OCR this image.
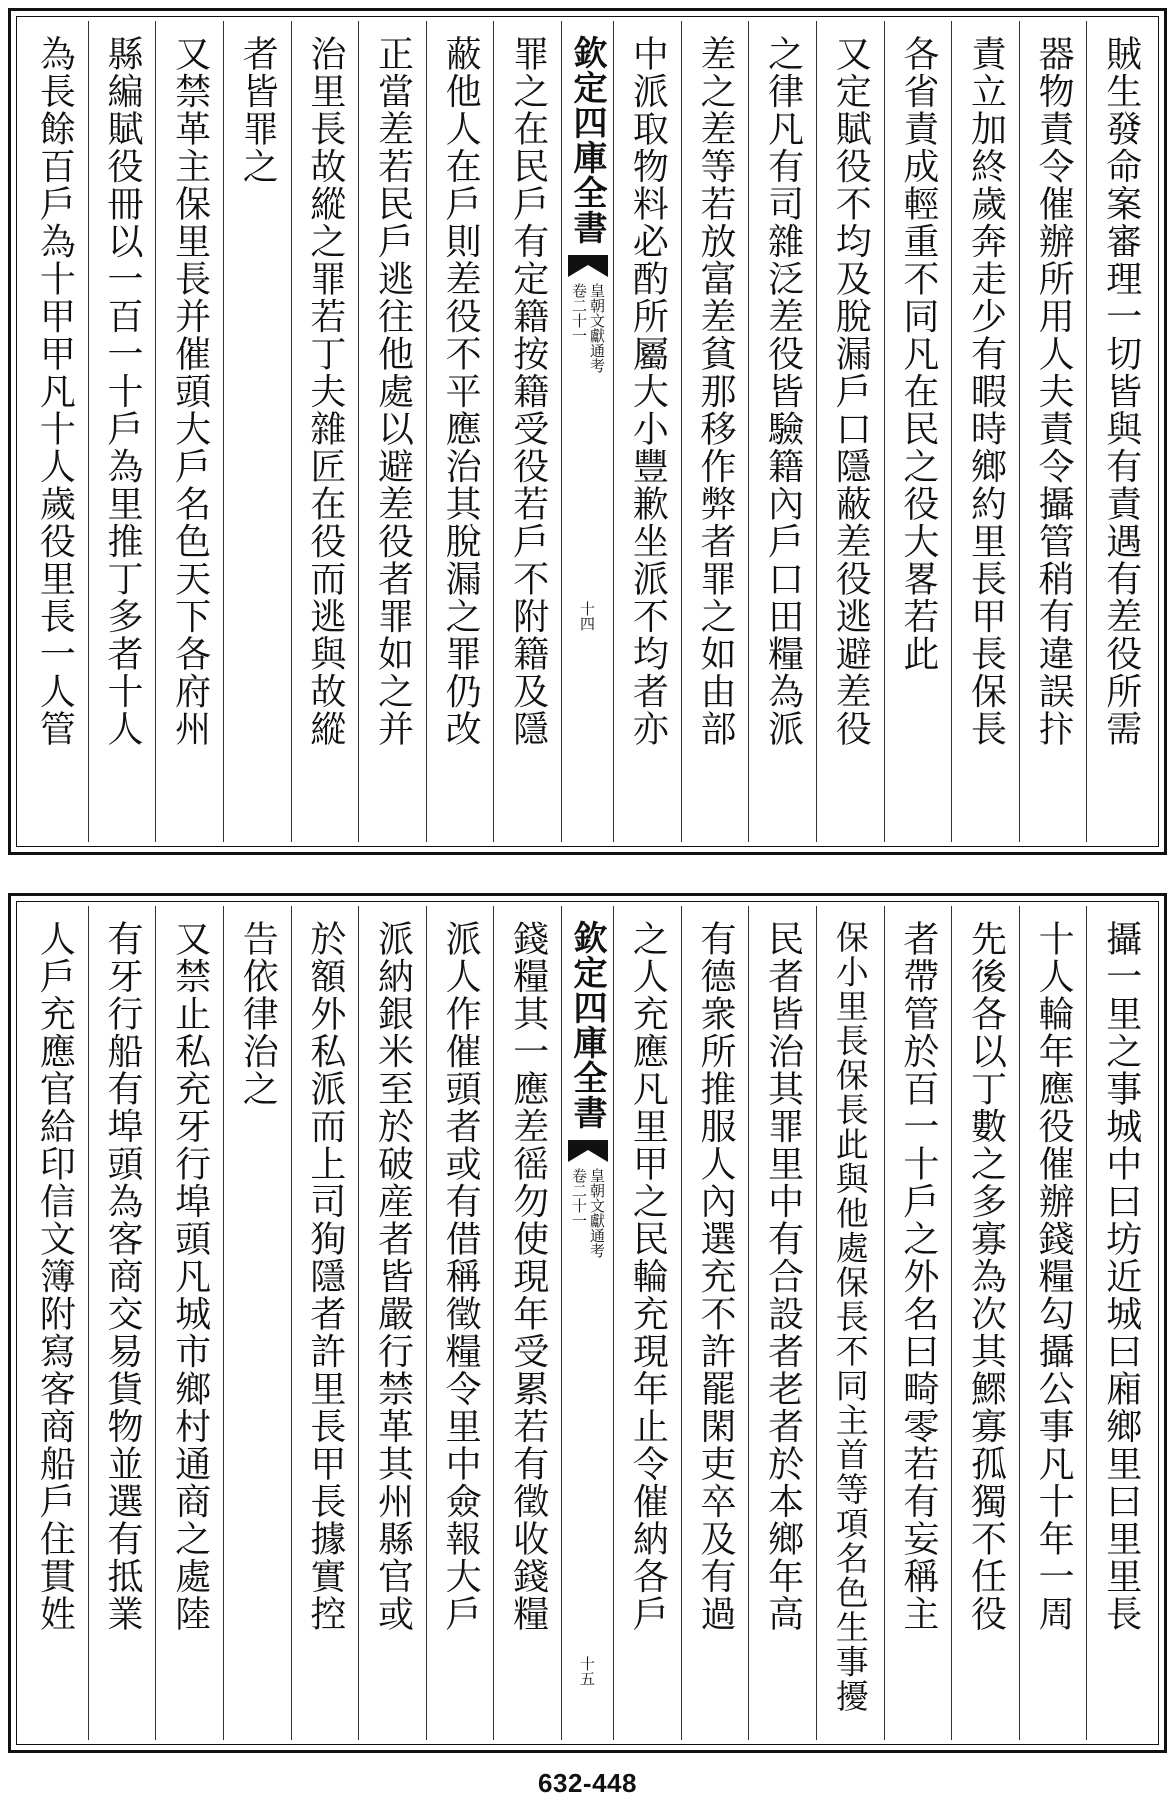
賊生發命案審理一切皆與有責遇有差役所需
器物責令催辦所用人夫責令攝管稍有違誤抃
責立加終歲奔走少有暇時鄉約里長甲長保長
各省責成輕重不同凡在民之役大畧若此
又定賦役不均及脫漏戶口隱蔽差役逃避差役
之律凡有司雜泛差役皆驗籍內戶口田糧為派
差之差等若放富差貧那移作弊者罪之如由部
中派取物料必酌所屬大小豐歉坐派不均者亦
欽定四庫全書
皇朝文獻通考
卷二十一
十四
罪之在民戶有定籍按籍受役若戶不附籍及隱
蔽他人在戶則差役不平應治其脫漏之罪仍改
正當差若民戶逃往他處以避差役者罪如之并
治里長故縱之罪若丁夫雜匠在役而逃與故縱
者皆罪之
又禁革主保里長并催頭大戶名色天下各府州
縣編賦役冊以一百一十戶為里推丁多者十人
為長餘百戶為十甲甲凡十人歲役里長一人管
攝一里之事城中曰坊近城曰廂鄉里曰里里長
十人輪年應役催辦錢糧勾攝公事凡十年一周
先後各以丁數之多寡為次其鰥寡孤獨不任役
者帶管於百一十戶之外名曰畸零若有妄稱主
保小里長保長此與他處保長不同主首等項名色生事擾
民者皆治其罪里中有合設者老者於本鄉年高
有德衆所推服人內選充不許罷閑吏卒及有過
之人充應凡里甲之民輪充現年止令催納各戶
欽定四庫全書
皇朝文獻通考
卷二十一
十五
錢糧其一應差徭勿使現年受累若有徵收錢糧
派人作催頭者或有借稱徵糧令里中僉報大戶
派納銀米至於破産者皆嚴行禁革其州縣官或
於額外私派而上司狥隱者許里長甲長據實控
告依律治之
又禁止私充牙行埠頭凡城市鄉村通商之處陸
有牙行船有埠頭為客商交易貨物並選有抵業
人戶充應官給印信文簿附寫客商船戶住貫姓
632-448
